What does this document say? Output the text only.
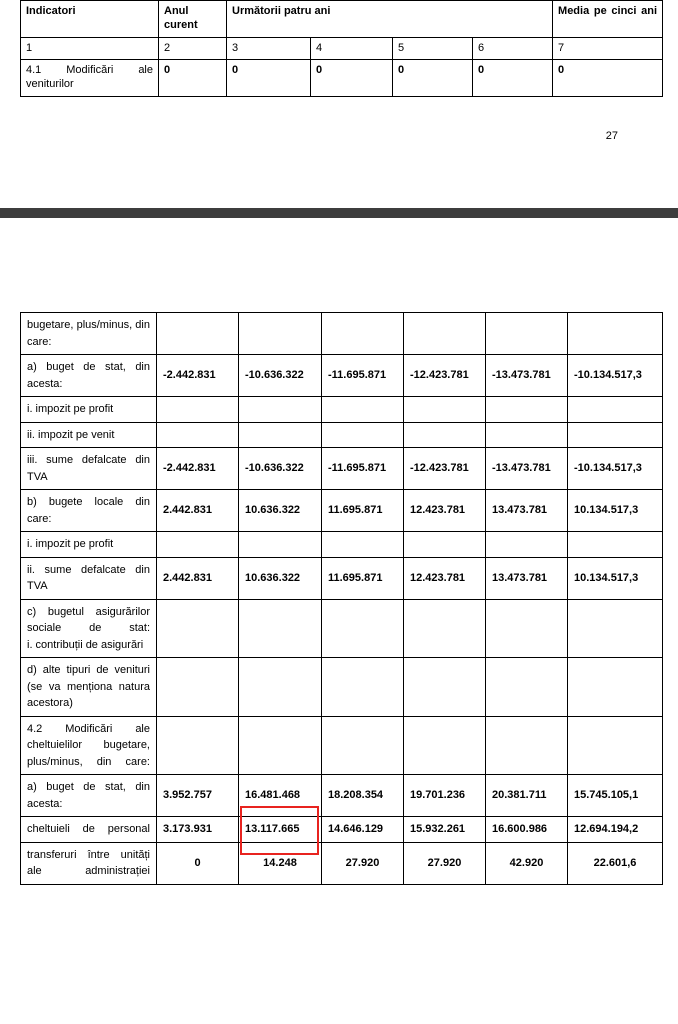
Indicatori	Anul curent	Următorii patru ani				Media pe cinci ani
1	2	3	4	5	6	7
4.1 Modificări ale veniturilor	0	0	0	0	0	0
27
bugetare, plus/minus, din care:						

a) buget de stat, din acesta:	-2.442.831	-10.636.322	-11.695.871	-12.423.781	-13.473.781	-10.134.517,3

i. impozit pe profit						

ii. impozit pe venit						

iii. sume defalcate din TVA	-2.442.831	-10.636.322	-11.695.871	-12.423.781	-13.473.781	-10.134.517,3

b) bugete locale din care:	2.442.831	10.636.322	11.695.871	12.423.781	13.473.781	10.134.517,3

i. impozit pe profit						

ii. sume defalcate din TVA	2.442.831	10.636.322	11.695.871	12.423.781	13.473.781	10.134.517,3

c) bugetul asigurărilor sociale de stat:
i. contribuții de asigurări						

d) alte tipuri de venituri
(se va menționa natura acestora)						

4.2 Modificări ale cheltuielilor bugetare, plus/minus, din care:						

a) buget de stat, din acesta:	3.952.757	16.481.468	18.208.354	19.701.236	20.381.711	15.745.105,1

cheltuieli de personal	3.173.931	13.117.665	14.646.129	15.932.261	16.600.986	12.694.194,2

transferuri între unități ale administrației	0	14.248	27.920	27.920	42.920	22.601,6
